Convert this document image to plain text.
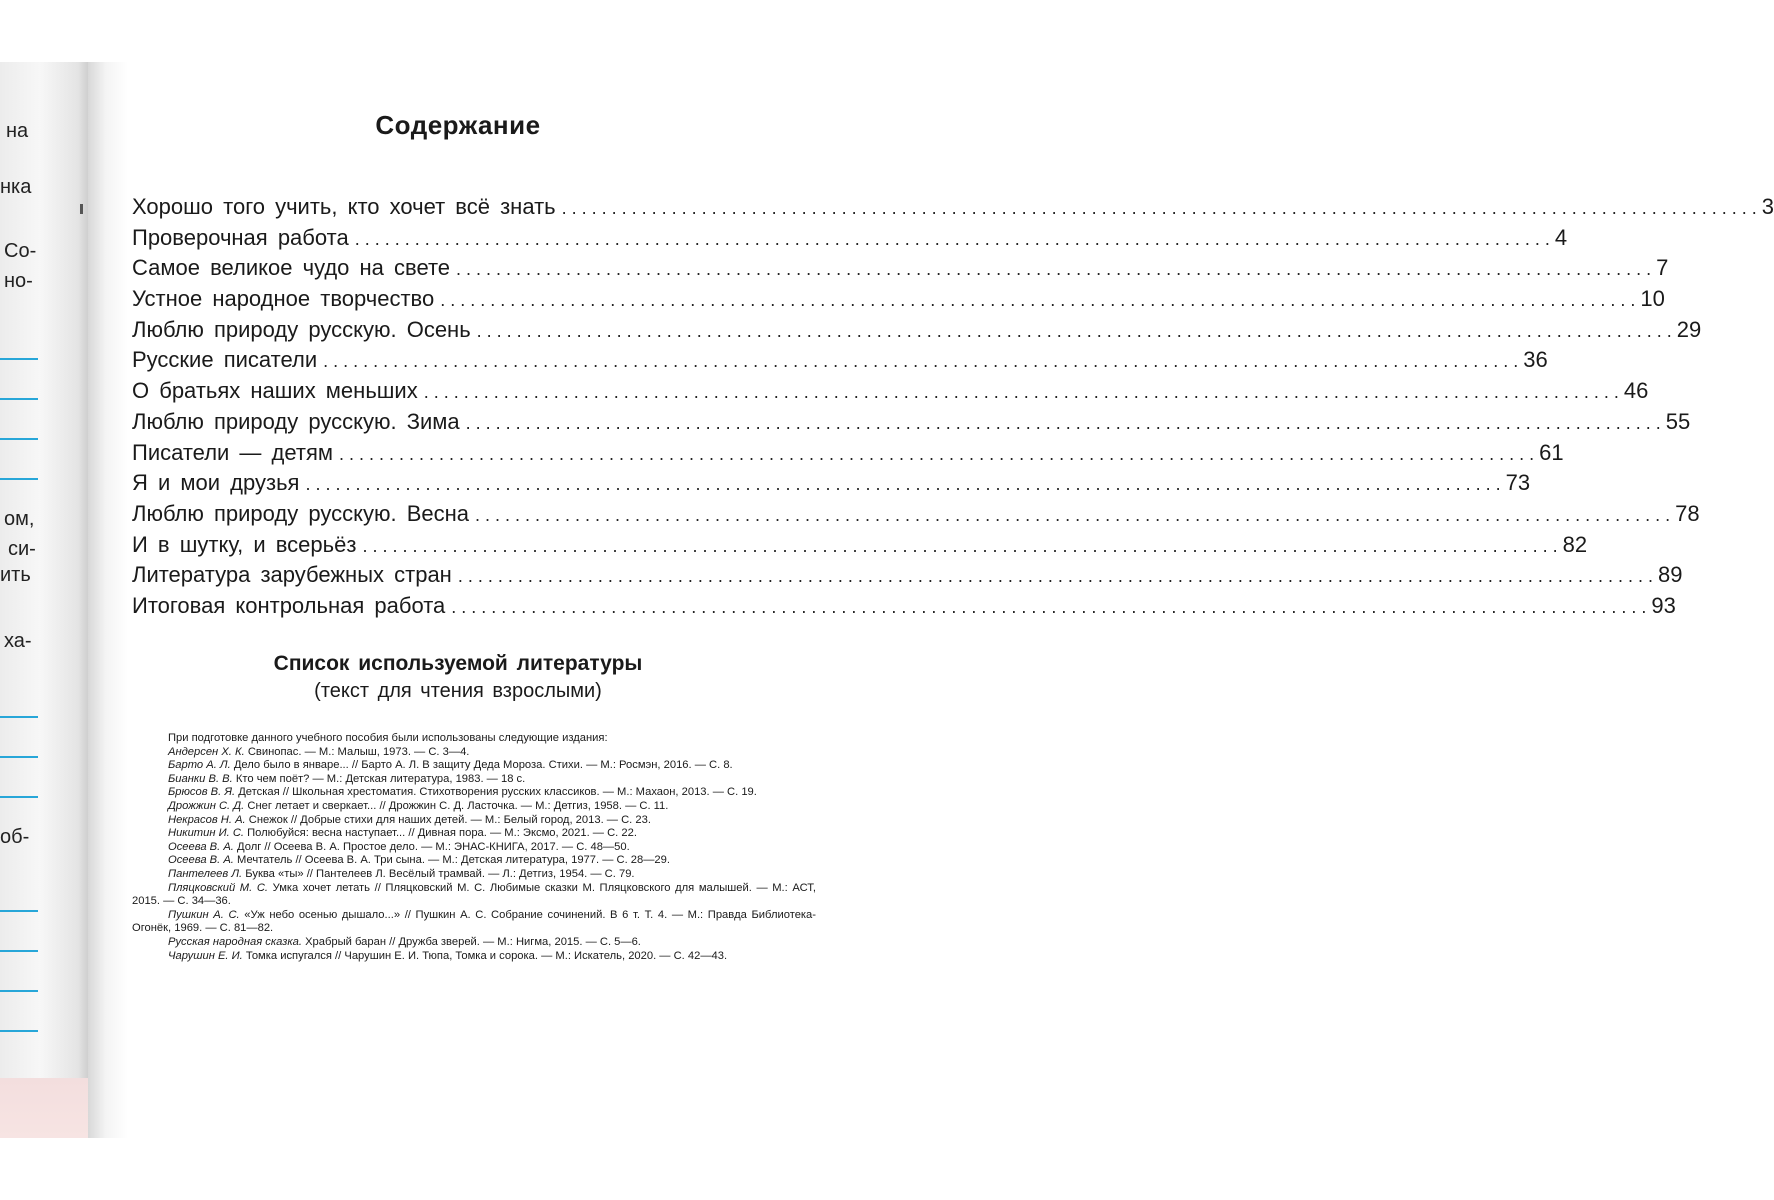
на
нка
Со-
но-
ом,
си-
ить
ха-
об-
Содержание
Хорошо того учить, кто хочет всё знать ........................................................................................................................ 3
Проверочная работа ........................................................................................................................ 4
Самое великое чудо на свете ........................................................................................................................ 7
Устное народное творчество ........................................................................................................................ 10
Люблю природу русскую. Осень ........................................................................................................................ 29
Русские писатели ........................................................................................................................ 36
О братьях наших меньших ........................................................................................................................ 46
Люблю природу русскую. Зима ........................................................................................................................ 55
Писатели — детям ........................................................................................................................ 61
Я и мои друзья ........................................................................................................................ 73
Люблю природу русскую. Весна ........................................................................................................................ 78
И в шутку, и всерьёз ........................................................................................................................ 82
Литература зарубежных стран ........................................................................................................................ 89
Итоговая контрольная работа ........................................................................................................................ 93
Список используемой литературы
(текст для чтения взрослыми)

При подготовке данного учебного пособия были использованы следующие издания:

Андерсен Х. К. Свинопас. — М.: Малыш, 1973. — С. 3—4.

Барто А. Л. Дело было в январе... // Барто А. Л. В защиту Деда Мороза. Стихи. — М.: Росмэн, 2016. — С. 8.

Бианки В. В. Кто чем поёт? — М.: Детская литература, 1983. — 18 с.

Брюсов В. Я. Детская // Школьная хрестоматия. Стихотворения русских классиков. — М.: Махаон, 2013. — С. 19.

Дрожжин С. Д. Снег летает и сверкает... // Дрожжин С. Д. Ласточка. — М.: Детгиз, 1958. — С. 11.

Некрасов Н. А. Снежок // Добрые стихи для наших детей. — М.: Белый город, 2013. — С. 23.

Никитин И. С. Полюбуйся: весна наступает... // Дивная пора. — М.: Эксмо, 2021. — С. 22.

Осеева В. А. Долг // Осеева В. А. Простое дело. — М.: ЭНАС-КНИГА, 2017. — С. 48—50.

Осеева В. А. Мечтатель // Осеева В. А. Три сына. — М.: Детская литература, 1977. — С. 28—29.

Пантелеев Л. Буква «ты» // Пантелеев Л. Весёлый трамвай. — Л.: Детгиз, 1954. — С. 79.

Пляцковский М. С. Умка хочет летать // Пляцковский М. С. Любимые сказки М. Пляцковского для малышей. — М.: АСТ, 2015. — С. 34—36.

Пушкин А. С. «Уж небо осенью дышало...» // Пушкин А. С. Собрание сочинений. В 6 т. Т. 4. — М.: Правда Библиотека-Огонёк, 1969. — С. 81—82.

Русская народная сказка. Храбрый баран // Дружба зверей. — М.: Нигма, 2015. — С. 5—6.

Чарушин Е. И. Томка испугался // Чарушин Е. И. Тюпа, Томка и сорока. — М.: Искатель, 2020. — С. 42—43.
